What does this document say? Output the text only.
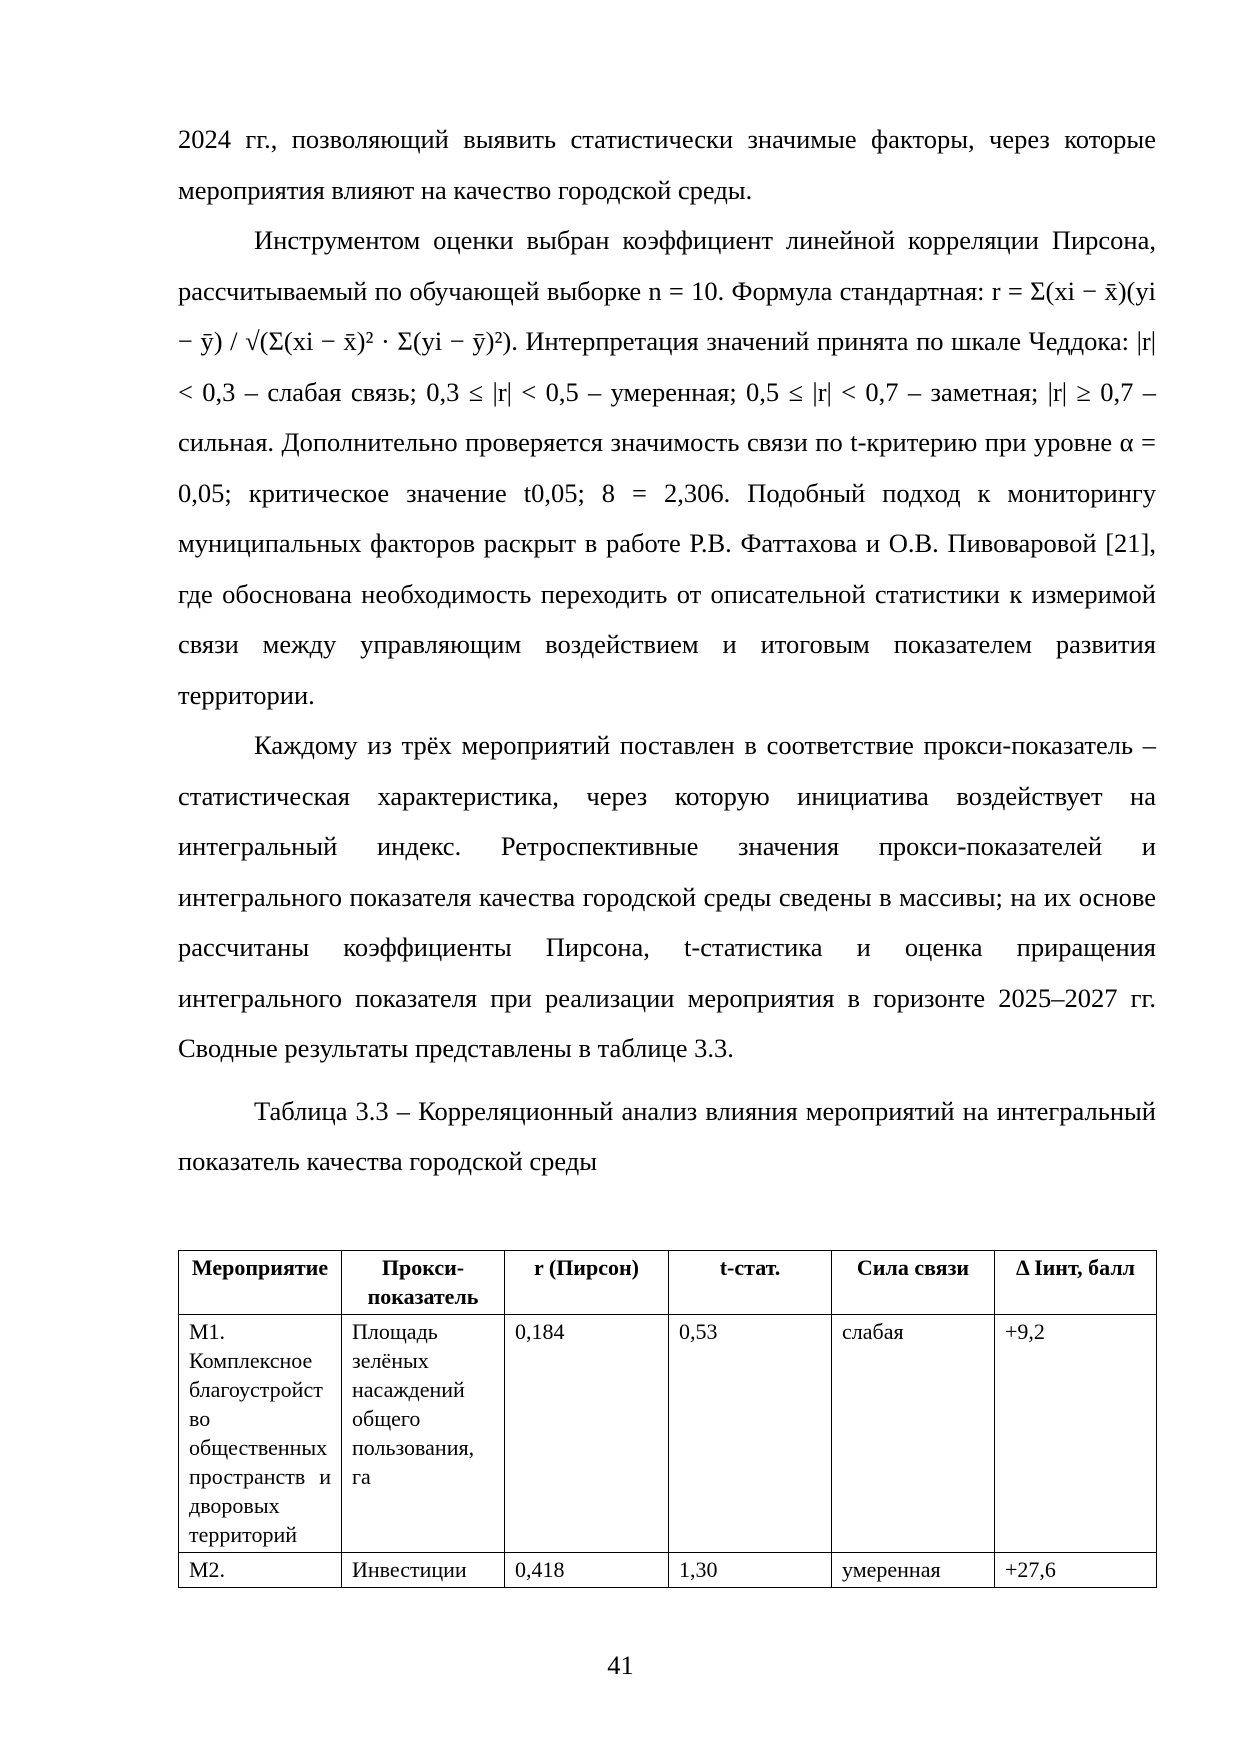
2024 гг., позволяющий выявить статистически значимые факторы, через которые мероприятия влияют на качество городской среды.

Инструментом оценки выбран коэффициент линейной корреляции Пирсона, рассчитываемый по обучающей выборке n = 10. Формула стандартная: r = Σ(xi − x̄)(yi − ȳ) / √(Σ(xi − x̄)² · Σ(yi − ȳ)²). Интерпретация значений принята по шкале Чеддока: |r| < 0,3 – слабая связь; 0,3 ≤ |r| < 0,5 – умеренная; 0,5 ≤ |r| < 0,7 – заметная; |r| ≥ 0,7 – сильная. Дополнительно проверяется значимость связи по t-критерию при уровне α = 0,05; критическое значение t0,05; 8 = 2,306. Подобный подход к мониторингу муниципальных факторов раскрыт в работе Р.В. Фаттахова и О.В. Пивоваровой [21], где обоснована необходимость переходить от описательной статистики к измеримой связи между управляющим воздействием и итоговым показателем развития территории.

Каждому из трёх мероприятий поставлен в соответствие прокси-показатель – статистическая характеристика, через которую инициатива воздействует на интегральный индекс. Ретроспективные значения прокси-показателей и интегрального показателя качества городской среды сведены в массивы; на их основе рассчитаны коэффициенты Пирсона, t-статистика и оценка приращения интегрального показателя при реализации мероприятия в горизонте 2025–2027 гг. Сводные результаты представлены в таблице 3.3.

Таблица 3.3 – Корреляционный анализ влияния мероприятий на интегральный показатель качества городской среды

Мероприятие	Прокси-показатель	r (Пирсон)	t-стат.	Сила связи	Δ Iинт, балл
М1. Комплексное благоустройство общественных пространств и дворовых территорий	Площадь зелёных насаждений общего пользования, га	0,184	0,53	слабая	+9,2
М2.	Инвестиции	0,418	1,30	умеренная	+27,6
41
